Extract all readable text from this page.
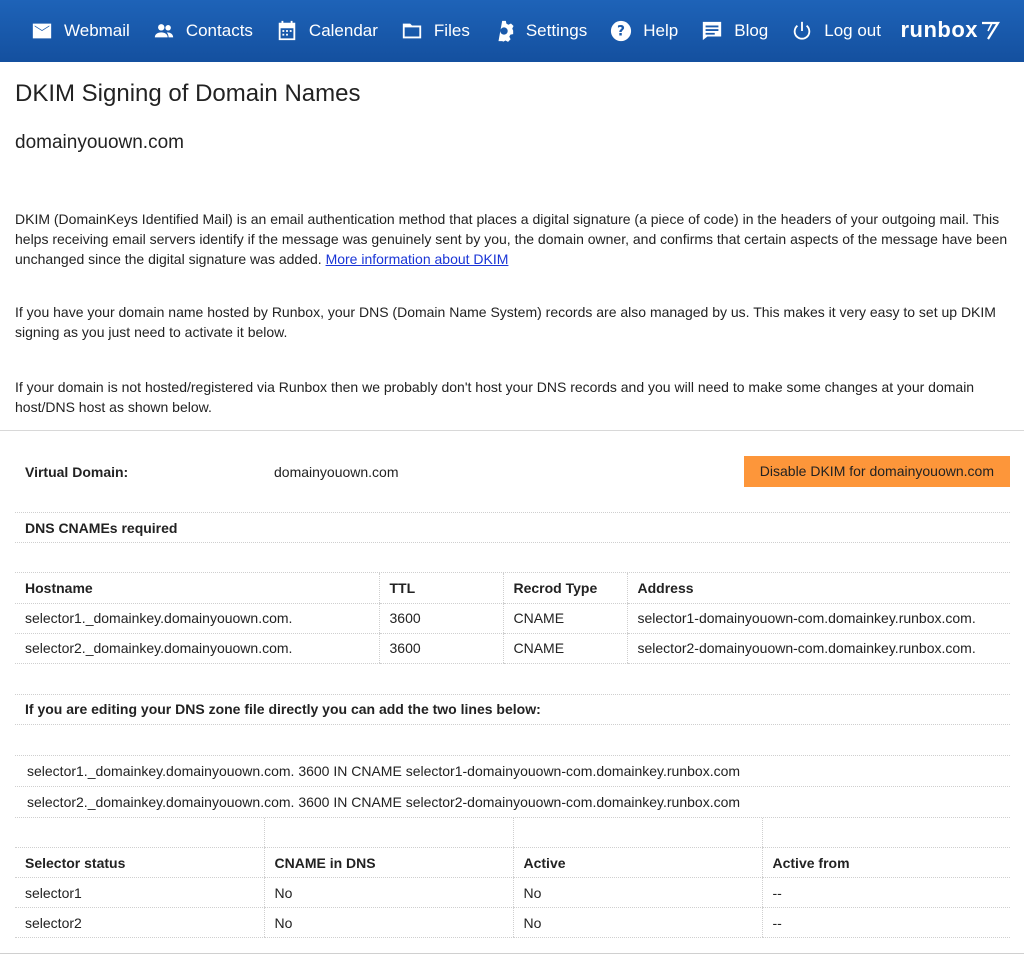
Webmail	Contacts	Calendar	Files	Settings ? Help	Blog	Log out runbox
DKIM Signing of Domain Names
domainyouown.com

DKIM (DomainKeys Identified Mail) is an email authentication method that places a digital signature (a piece of code) in the headers of your outgoing mail. This helps receiving email servers identify if the message was genuinely sent by you, the domain owner, and confirms that certain aspects of the message have been unchanged since the digital signature was added. More information about DKIM

If you have your domain name hosted by Runbox, your DNS (Domain Name System) records are also managed by us. This makes it very easy to set up DKIM signing as you just need to activate it below.

If your domain is not hosted/registered via Runbox then we probably don't host your DNS records and you will need to make some changes at your domain host/DNS host as shown below.

Virtual Domain:	domainyouown.com	Disable DKIM for domainyouown.com
DNS CNAMEs required
Hostname	TTL	Recrod Type	Address
selector1._domainkey.domainyouown.com.	3600	CNAME	selector1-domainyouown-com.domainkey.runbox.com.
selector2._domainkey.domainyouown.com.	3600	CNAME	selector2-domainyouown-com.domainkey.runbox.com.
If you are editing your DNS zone file directly you can add the two lines below:
selector1._domainkey.domainyouown.com. 3600 IN CNAME selector1-domainyouown-com.domainkey.runbox.com
selector2._domainkey.domainyouown.com. 3600 IN CNAME selector2-domainyouown-com.domainkey.runbox.com

Selector status	CNAME in DNS	Active	Active from
selector1	No	No	--
selector2	No	No	--
